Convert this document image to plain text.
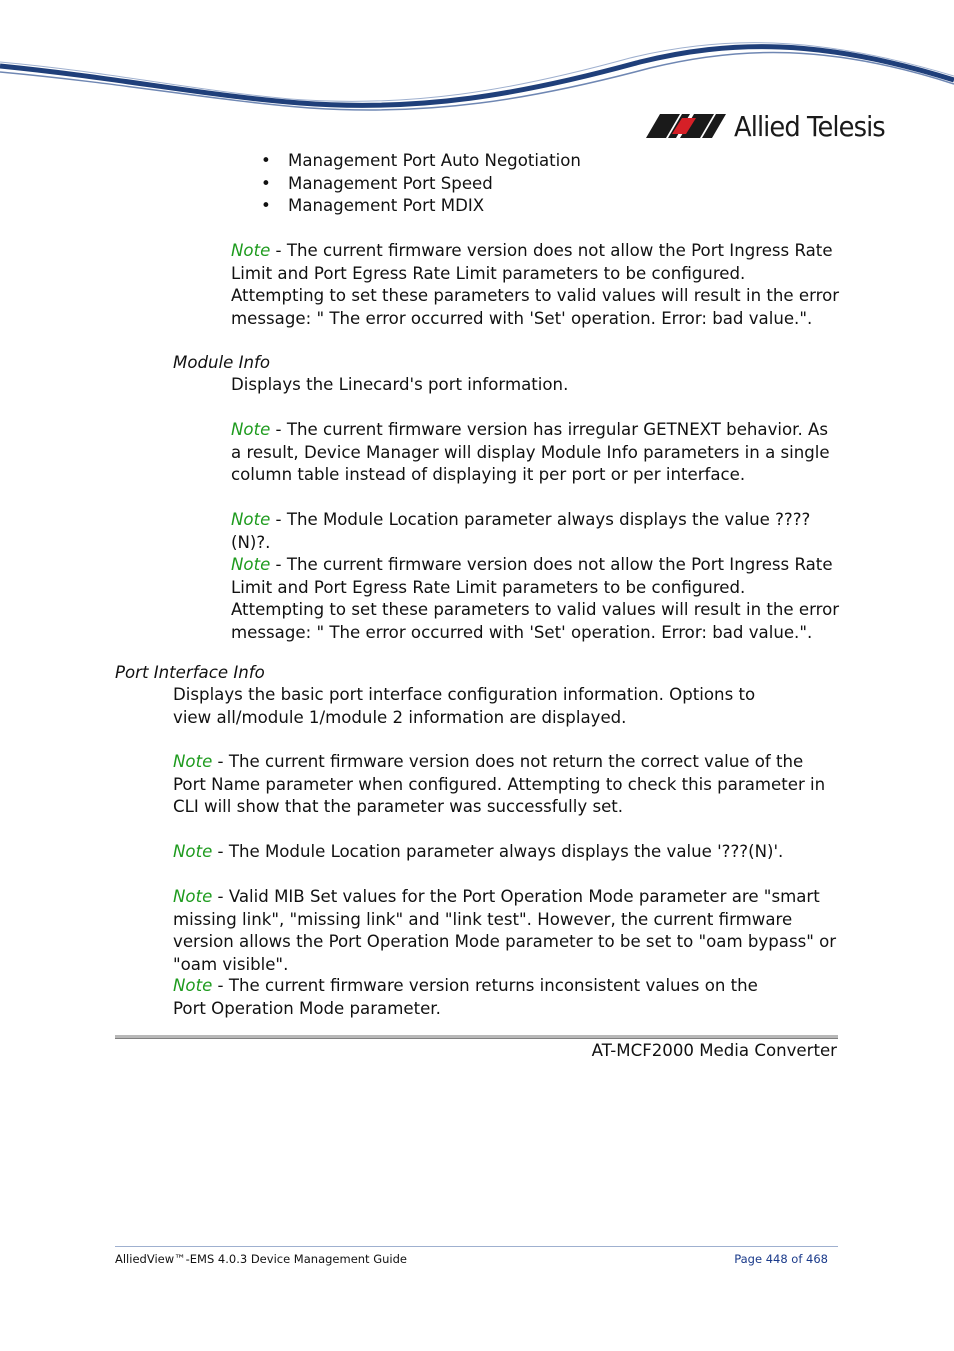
Allied Telesis
• Management Port Auto Negotiation
• Management Port Speed
• Management Port MDIX

Note - The current firmware version does not allow the Port Ingress Rate Limit and Port Egress Rate Limit parameters to be configured. Attempting to set these parameters to valid values will result in the error message: " The error occurred with 'Set' operation. Error: bad value.".

Module Info

Displays the Linecard's port information.

Note - The current firmware version has irregular GETNEXT behavior. As a result, Device Manager will display Module Info parameters in a single column table instead of displaying it per port or per interface.

Note - The Module Location parameter always displays the value ????(N)?.

Note - The current firmware version does not allow the Port Ingress Rate Limit and Port Egress Rate Limit parameters to be configured. Attempting to set these parameters to valid values will result in the error message: " The error occurred with 'Set' operation. Error: bad value.".

Port Interface Info

Displays the basic port interface configuration information. Options to view all/module 1/module 2 information are displayed.

Note - The current firmware version does not return the correct value of the Port Name parameter when configured. Attempting to check this parameter in CLI will show that the parameter was successfully set.

Note - The Module Location parameter always displays the value '???(N)'.

Note - Valid MIB Set values for the Port Operation Mode parameter are "smart missing link", "missing link" and "link test". However, the current firmware version allows the Port Operation Mode parameter to be set to "oam bypass" or "oam visible".

Note - The current firmware version returns inconsistent values on the Port Operation Mode parameter.

AT-MCF2000 Media Converter
AlliedView™-EMS 4.0.3 Device Management Guide	Page 448 of 468
